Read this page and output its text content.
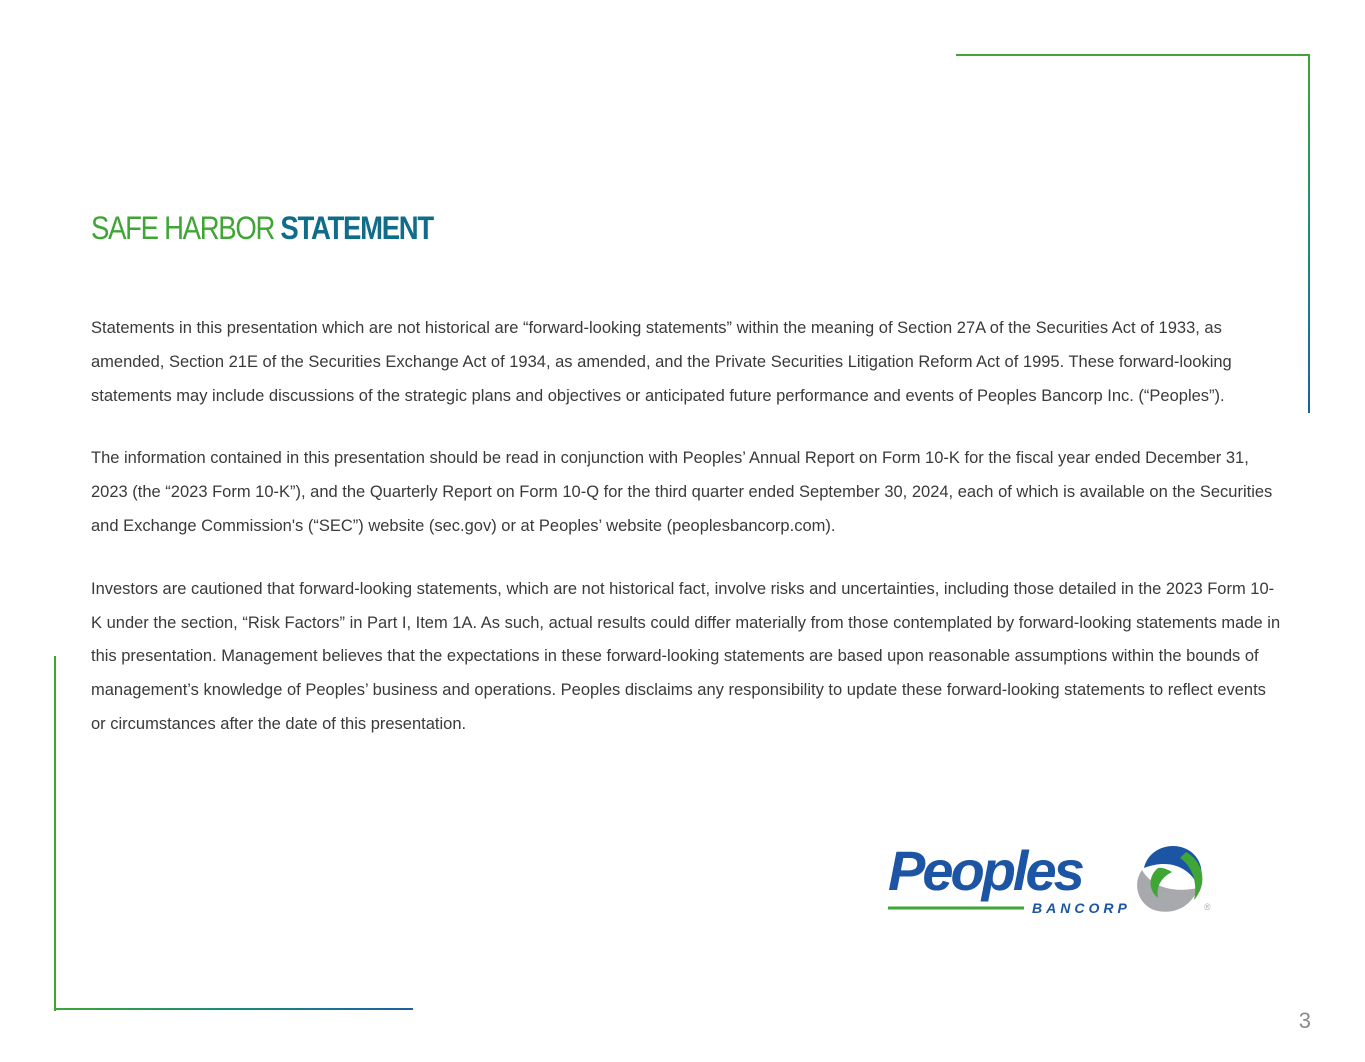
SAFE HARBOR STATEMENT

Statements in this presentation which are not historical are “forward-looking statements” within the meaning of Section 27A of the Securities Act of 1933, as amended, Section 21E of the Securities Exchange Act of 1934, as amended, and the Private Securities Litigation Reform Act of 1995. These forward-looking statements may include discussions of the strategic plans and objectives or anticipated future performance and events of Peoples Bancorp Inc. (“Peoples”).

The information contained in this presentation should be read in conjunction with Peoples’ Annual Report on Form 10-K for the fiscal year ended December 31, 2023 (the “2023 Form 10-K”), and the Quarterly Report on Form 10-Q for the third quarter ended September 30, 2024, each of which is available on the Securities and Exchange Commission's (“SEC”) website (sec.gov) or at Peoples’ website (peoplesbancorp.com).

Investors are cautioned that forward-looking statements, which are not historical fact, involve risks and uncertainties, including those detailed in the 2023 Form 10-K under the section, “Risk Factors” in Part I, Item 1A. As such, actual results could differ materially from those contemplated by forward-looking statements made in this presentation. Management believes that the expectations in these forward-looking statements are based upon reasonable assumptions within the bounds of management’s knowledge of Peoples’ business and operations. Peoples disclaims any responsibility to update these forward-looking statements to reflect events or circumstances after the date of this presentation.

Peoples
BANCORP	®
3
